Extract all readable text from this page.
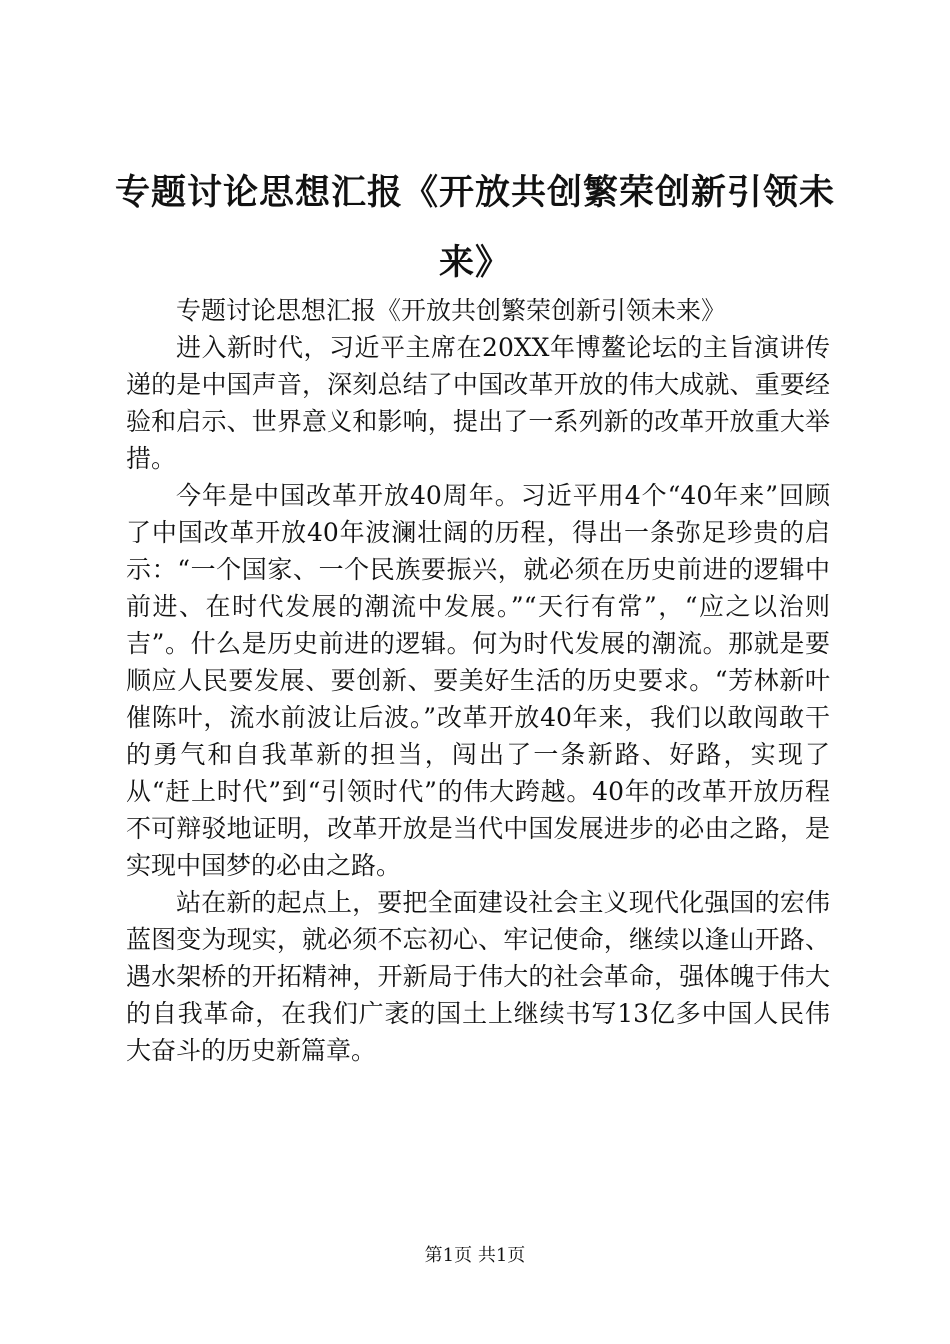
专题讨论思想汇报《开放共创繁荣创新引领未来》

专题讨论思想汇报《开放共创繁荣创新引领未来》

进入新时代，习近平主席在20XX年博鳌论坛的主旨演讲传递的是中国声音，深刻总结了中国改革开放的伟大成就、重要经验和启示、世界意义和影响，提出了一系列新的改革开放重大举措。

今年是中国改革开放40周年。习近平用4个“40年来”回顾了中国改革开放40年波澜壮阔的历程，得出一条弥足珍贵的启示：“一个国家、一个民族要振兴，就必须在历史前进的逻辑中前进、在时代发展的潮流中发展。”“天行有常”，“应之以治则吉”。什么是历史前进的逻辑。何为时代发展的潮流。那就是要顺应人民要发展、要创新、要美好生活的历史要求。“芳林新叶催陈叶，流水前波让后波。”改革开放40年来，我们以敢闯敢干的勇气和自我革新的担当，闯出了一条新路、好路，实现了从“赶上时代”到“引领时代”的伟大跨越。40年的改革开放历程不可辩驳地证明，改革开放是当代中国发展进步的必由之路，是实现中国梦的必由之路。

站在新的起点上，要把全面建设社会主义现代化强国的宏伟蓝图变为现实，就必须不忘初心、牢记使命，继续以逢山开路、遇水架桥的开拓精神，开新局于伟大的社会革命，强体魄于伟大的自我革命，在我们广袤的国土上继续书写13亿多中国人民伟大奋斗的历史新篇章。

第1页 共1页
